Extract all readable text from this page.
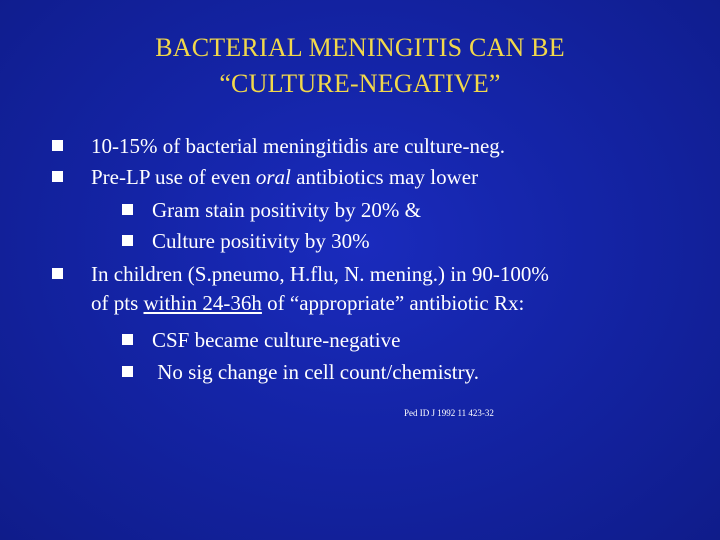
BACTERIAL MENINGITIS CAN BE
“CULTURE-NEGATIVE”
10-15% of bacterial meningitidis are culture-neg.
Pre-LP use of even oral antibiotics may lower
Gram stain positivity by 20% &
Culture positivity by 30%
In children (S.pneumo, H.flu, N. mening.) in 90-100%
of pts within 24-36h of “appropriate” antibiotic Rx:
CSF became culture-negative
No sig change in cell count/chemistry.
Ped ID J 1992 11 423-32
